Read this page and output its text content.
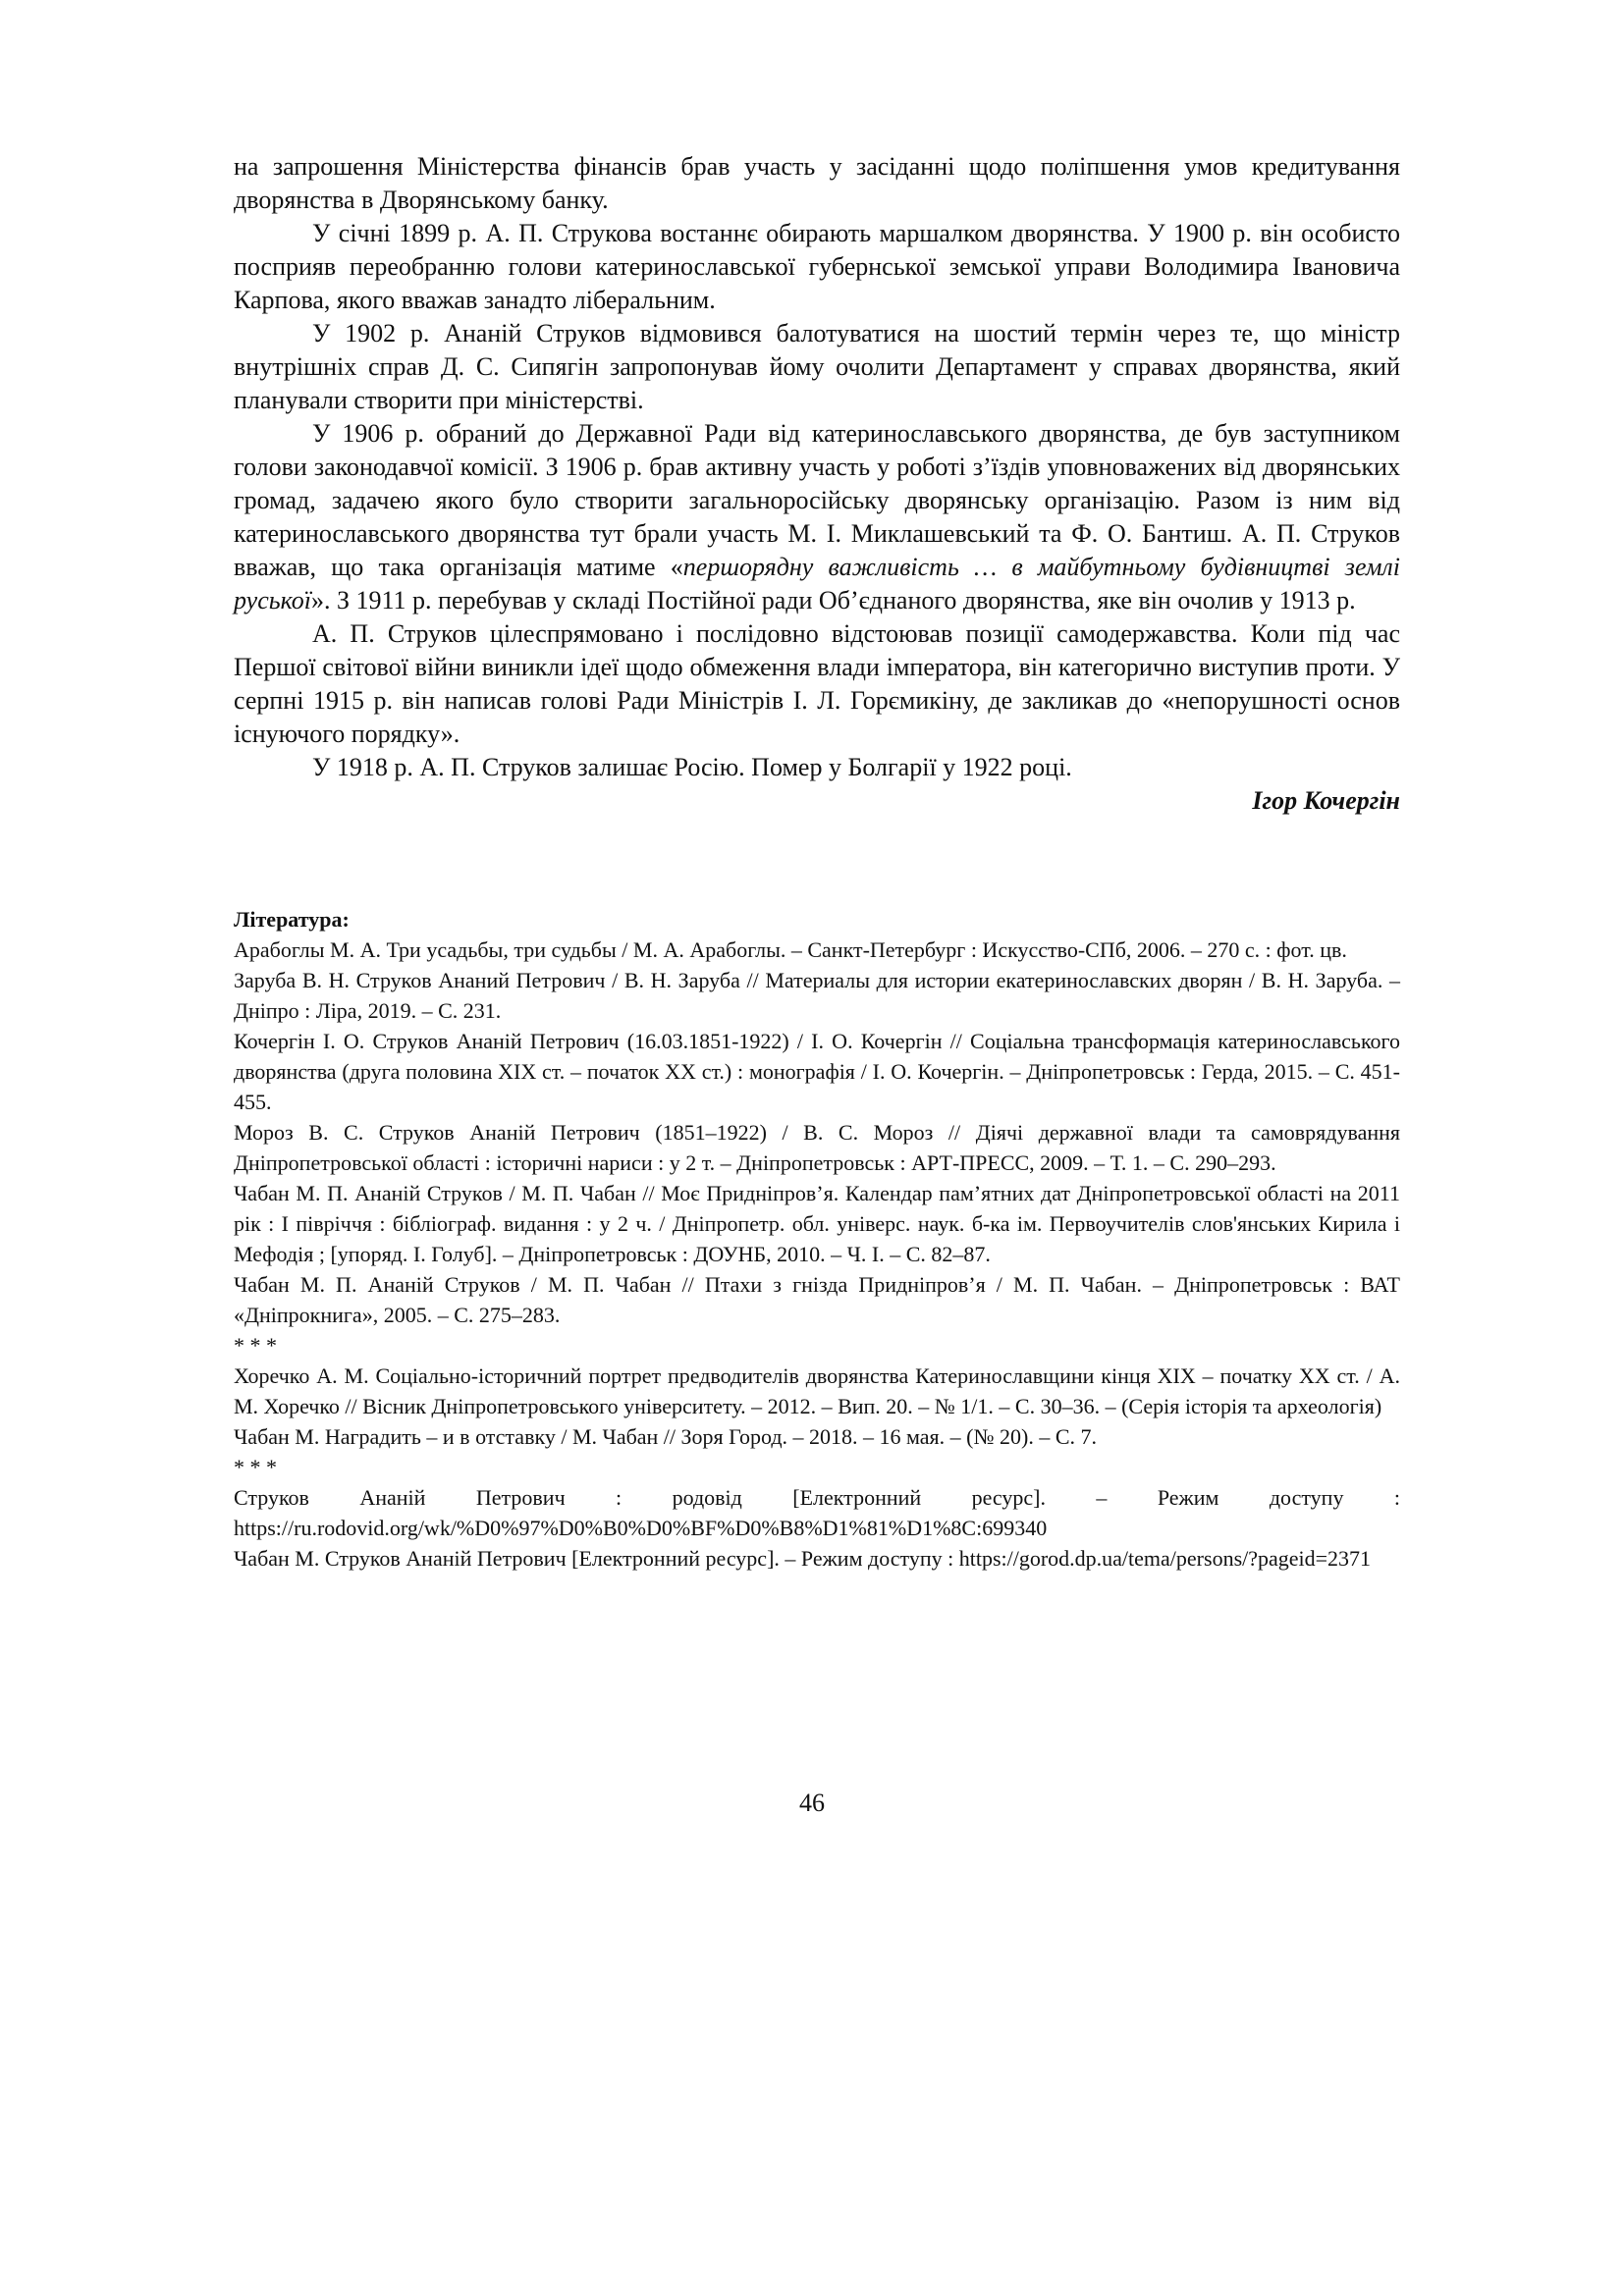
на запрошення Міністерства фінансів брав участь у засіданні щодо поліпшення умов кредитування дворянства в Дворянському банку.

У січні 1899 р. А. П. Струкова востаннє обирають маршалком дворянства. У 1900 р. він особисто посприяв переобранню голови катеринославської губернської земської управи Володимира Івановича Карпова, якого вважав занадто ліберальним.

У 1902 р. Ананій Струков відмовився балотуватися на шостий термін через те, що міністр внутрішніх справ Д. С. Сипягін запропонував йому очолити Департамент у справах дворянства, який планували створити при міністерстві.

У 1906 р. обраний до Державної Ради від катеринославського дворянства, де був заступником голови законодавчої комісії. З 1906 р. брав активну участь у роботі з’їздів уповноважених від дворянських громад, задачею якого було створити загальноросійську дворянську організацію. Разом із ним від катеринославського дворянства тут брали участь М. І. Миклашевський та Ф. О. Бантиш. А. П. Струков вважав, що така організація матиме «першорядну важливість … в майбутньому будівництві землі руської». З 1911 р. перебував у складі Постійної ради Об’єднаного дворянства, яке він очолив у 1913 р.

А. П. Струков цілеспрямовано і послідовно відстоював позиції самодержавства. Коли під час Першої світової війни виникли ідеї щодо обмеження влади імператора, він категорично виступив проти. У серпні 1915 р. він написав голові Ради Міністрів І. Л. Горємикіну, де закликав до «непорушності основ існуючого порядку».

У 1918 р. А. П. Струков залишає Росію. Помер у Болгарії у 1922 році.

Ігор Кочергін

Література:

Арабоглы М. А. Три усадьбы, три судьбы / М. А. Арабоглы. – Санкт-Петербург : Искусство-СПб, 2006. – 270 с. : фот. цв.

Заруба В. Н. Струков Ананий Петрович / В. Н. Заруба // Материалы для истории екатеринославских дворян / В. Н. Заруба. – Дніпро : Ліра, 2019. – С. 231.

Кочергін І. О. Струков Ананій Петрович (16.03.1851-1922) / І. О. Кочергін // Соціальна трансформація катеринославського дворянства (друга половина XIX ст. – початок XX ст.) : монографія / І. О. Кочергін. – Дніпропетровськ : Герда, 2015. – С. 451-455.

Мороз В. С. Струков Ананій Петрович (1851–1922) / В. С. Мороз // Діячі державної влади та самоврядування Дніпропетровської області : історичні нариси : у 2 т. – Дніпропетровськ : АРТ-ПРЕСС, 2009. – Т. 1. – С. 290–293.

Чабан М. П. Ананій Струков / М. П. Чабан // Моє Придніпров’я. Календар пам’ятних дат Дніпропетровської області на 2011 рік : I півріччя : бібліограф. видання : у 2 ч. / Дніпропетр. обл. універс. наук. б-ка ім. Первоучителів слов'янських Кирила і Мефодія ; [упоряд. І. Голуб]. – Дніпропетровськ : ДОУНБ, 2010. – Ч. I. – С. 82–87.

Чабан М. П. Ананій Струков / М. П. Чабан // Птахи з гнізда Придніпров’я / М. П. Чабан. – Дніпропетровськ : ВАТ «Дніпрокнига», 2005. – С. 275–283.

* * *

Хоречко А. М. Соціально-історичний портрет предводителів дворянства Катеринославщини кінця XIX – початку XX ст. / А. М. Хоречко // Вісник Дніпропетровського університету. – 2012. – Вип. 20. – № 1/1. – С. 30–36. – (Серія історія та археологія)

Чабан М. Наградить – и в отставку / М. Чабан // Зоря Город. – 2018. – 16 мая. – (№ 20). – С. 7.

* * *

Струков Ананій Петрович : родовід [Електронний ресурс]. – Режим доступу : https://ru.rodovid.org/wk/%D0%97%D0%B0%D0%BF%D0%B8%D1%81%D1%8C:699340

Чабан М. Струков Ананій Петрович [Електронний ресурс]. – Режим доступу : https://gorod.dp.ua/tema/persons/?pageid=2371

46
